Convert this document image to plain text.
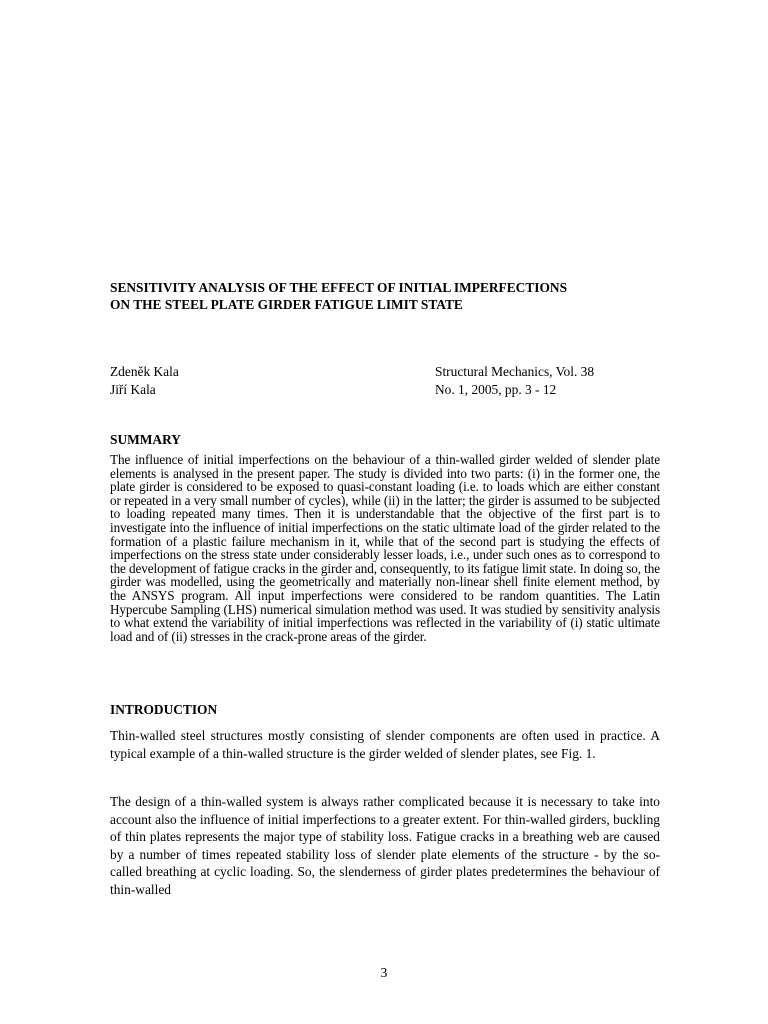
SENSITIVITY ANALYSIS OF THE EFFECT OF INITIAL IMPERFECTIONS
ON THE STEEL PLATE GIRDER FATIGUE LIMIT STATE
Zdeněk Kala	Structural Mechanics, Vol. 38
Jiří Kala	No. 1, 2005, pp. 3 - 12
SUMMARY

The influence of initial imperfections on the behaviour of a thin-walled girder welded of slender plate elements is analysed in the present paper. The study is divided into two parts: (i) in the former one, the plate girder is considered to be exposed to quasi-constant loading (i.e. to loads which are either constant or repeated in a very small number of cycles), while (ii) in the latter; the girder is assumed to be subjected to loading repeated many times. Then it is understandable that the objective of the first part is to investigate into the influence of initial imperfections on the static ultimate load of the girder related to the formation of a plastic failure mechanism in it, while that of the second part is studying the effects of imperfections on the stress state under considerably lesser loads, i.e., under such ones as to correspond to the development of fatigue cracks in the girder and, consequently, to its fatigue limit state. In doing so, the girder was modelled, using the geometrically and materially non-linear shell finite element method, by the ANSYS program. All input imperfections were considered to be random quantities. The Latin Hypercube Sampling (LHS) numerical simulation method was used. It was studied by sensitivity analysis to what extend the variability of initial imperfections was reflected in the variability of (i) static ultimate load and of (ii) stresses in the crack-prone areas of the girder.

INTRODUCTION

Thin-walled steel structures mostly consisting of slender components are often used in practice. A typical example of a thin-walled structure is the girder welded of slender plates, see Fig. 1.

The design of a thin-walled system is always rather complicated because it is necessary to take into account also the influence of initial imperfections to a greater extent. For thin-walled girders, buckling of thin plates represents the major type of stability loss. Fatigue cracks in a breathing web are caused by a number of times repeated stability loss of slender plate elements of the structure - by the so-called breathing at cyclic loading. So, the slenderness of girder plates predetermines the behaviour of thin-walled

3
